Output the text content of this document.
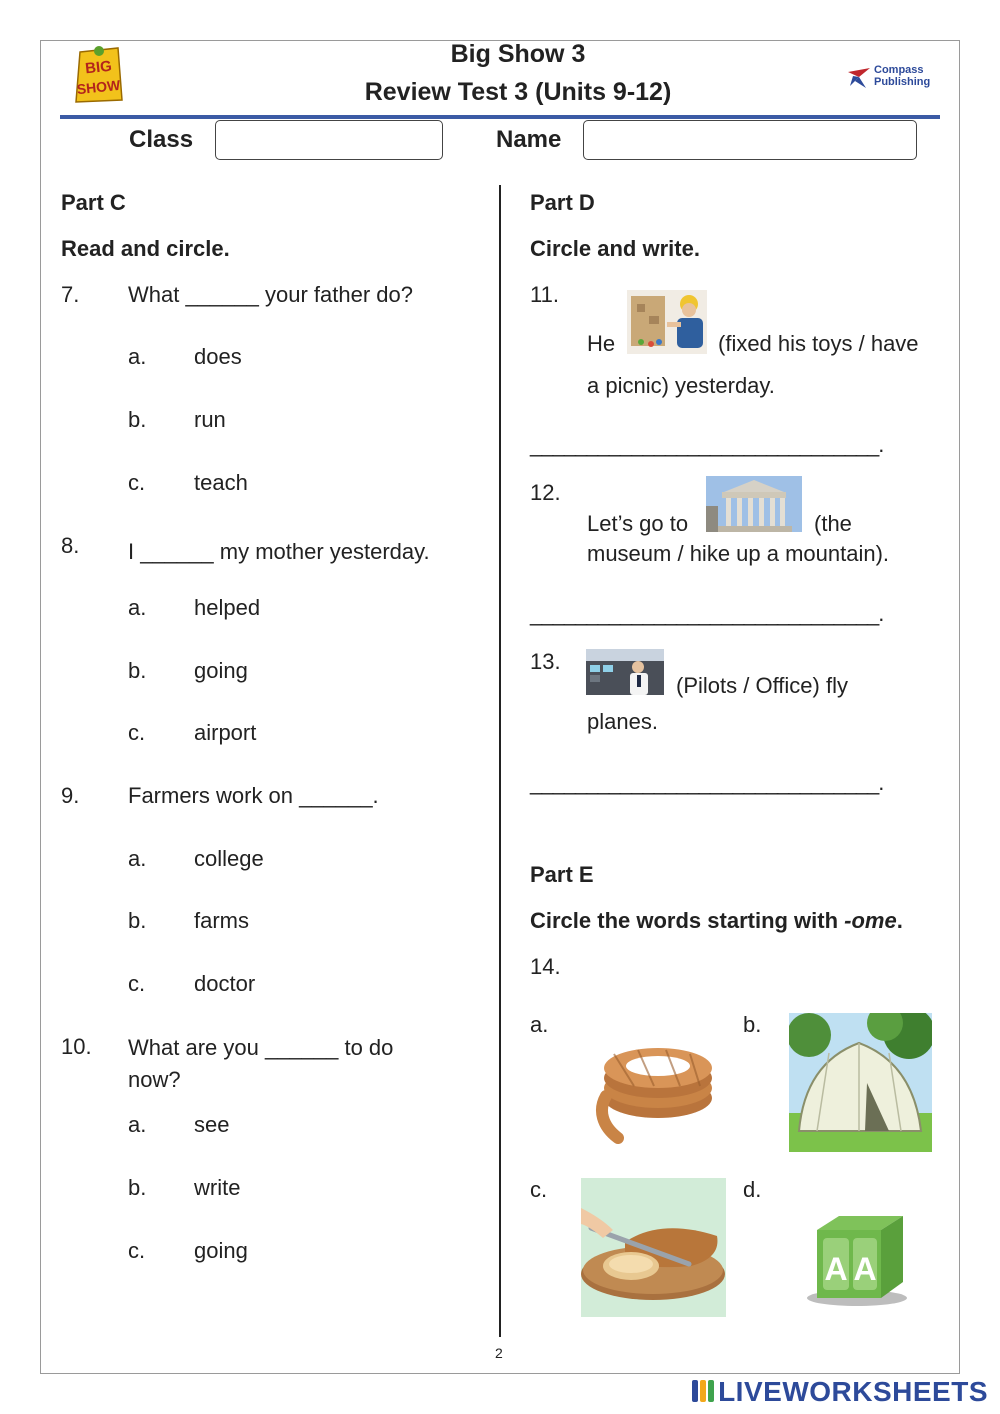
BIG
SHOW
Big Show 3
Review Test 3 (Units 9-12)
Compass
Publishing
Class	Name
Part C
Read and circle.
7. What ______ your father do?
a. does
b. run
c. teach
8. I ______ my mother yesterday.
a. helped
b. going
c. airport
9. Farmers work on ______.
a. college
b. farms
c. doctor
10. What are you ______ to do now?
a. see
b. write
c. going
Part D
Circle and write.
11.
He	(fixed his toys / have
a picnic) yesterday.
_______________________________.
12.
Let’s go to	(the
museum / hike up a mountain).
_______________________________.
13.
(Pilots / Office) fly
planes.
_______________________________.
Part E
Circle the words starting with -ome.
14.
a.	b.
c.	d.
A A
2
LIVEWORKSHEETS
